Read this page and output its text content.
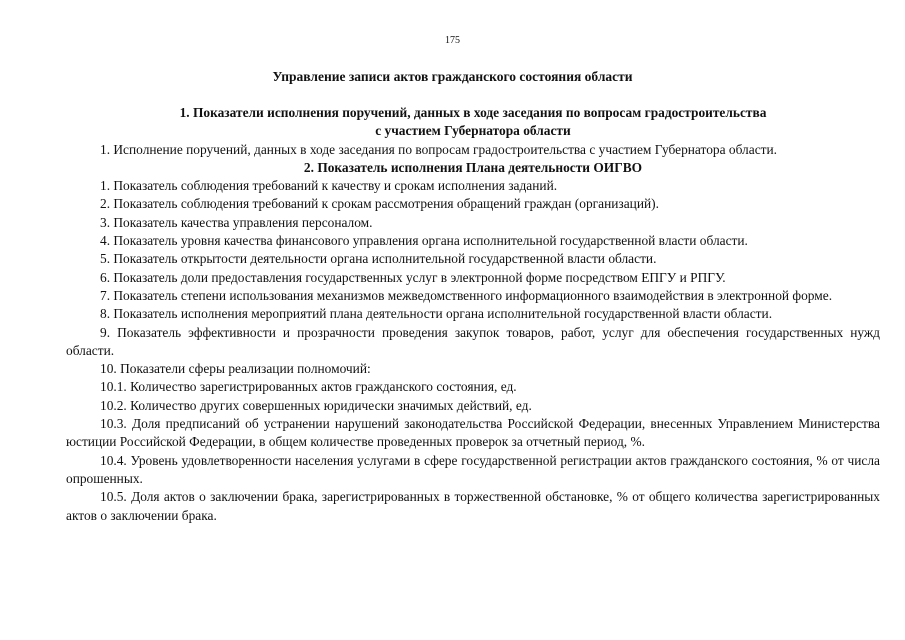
175
Управление записи актов гражданского состояния области

1. Показатели исполнения поручений, данных в ходе заседания по вопросам градостроительства

с участием Губернатора области

1. Исполнение поручений, данных в ходе заседания по вопросам градостроительства с участием Губернатора области.

2. Показатель исполнения Плана деятельности ОИГВО

1. Показатель соблюдения требований к качеству и срокам исполнения заданий.

2. Показатель соблюдения требований к срокам рассмотрения обращений граждан (организаций).

3. Показатель качества управления персоналом.

4. Показатель уровня качества финансового управления органа исполнительной государственной власти области.

5. Показатель открытости деятельности органа исполнительной государственной власти области.

6. Показатель доли предоставления государственных услуг в электронной форме посредством ЕПГУ и РПГУ.

7. Показатель степени использования механизмов межведомственного информационного взаимодействия в электронной форме.

8. Показатель исполнения мероприятий плана деятельности органа исполнительной государственной власти области.

9. Показатель эффективности и прозрачности проведения закупок товаров, работ, услуг для обеспечения государственных нужд области.

10. Показатели сферы реализации полномочий:

10.1. Количество зарегистрированных актов гражданского состояния, ед.

10.2. Количество других совершенных юридически значимых действий, ед.

10.3. Доля предписаний об устранении нарушений законодательства Российской Федерации, внесенных Управлением Министерства юстиции Российской Федерации, в общем количестве проведенных проверок за отчетный период, %.

10.4. Уровень удовлетворенности населения услугами в сфере государственной регистрации актов гражданского состояния, % от числа опрошенных.

10.5. Доля актов о заключении брака, зарегистрированных в торжественной обстановке, % от общего количества зарегистрированных актов о заключении брака.
